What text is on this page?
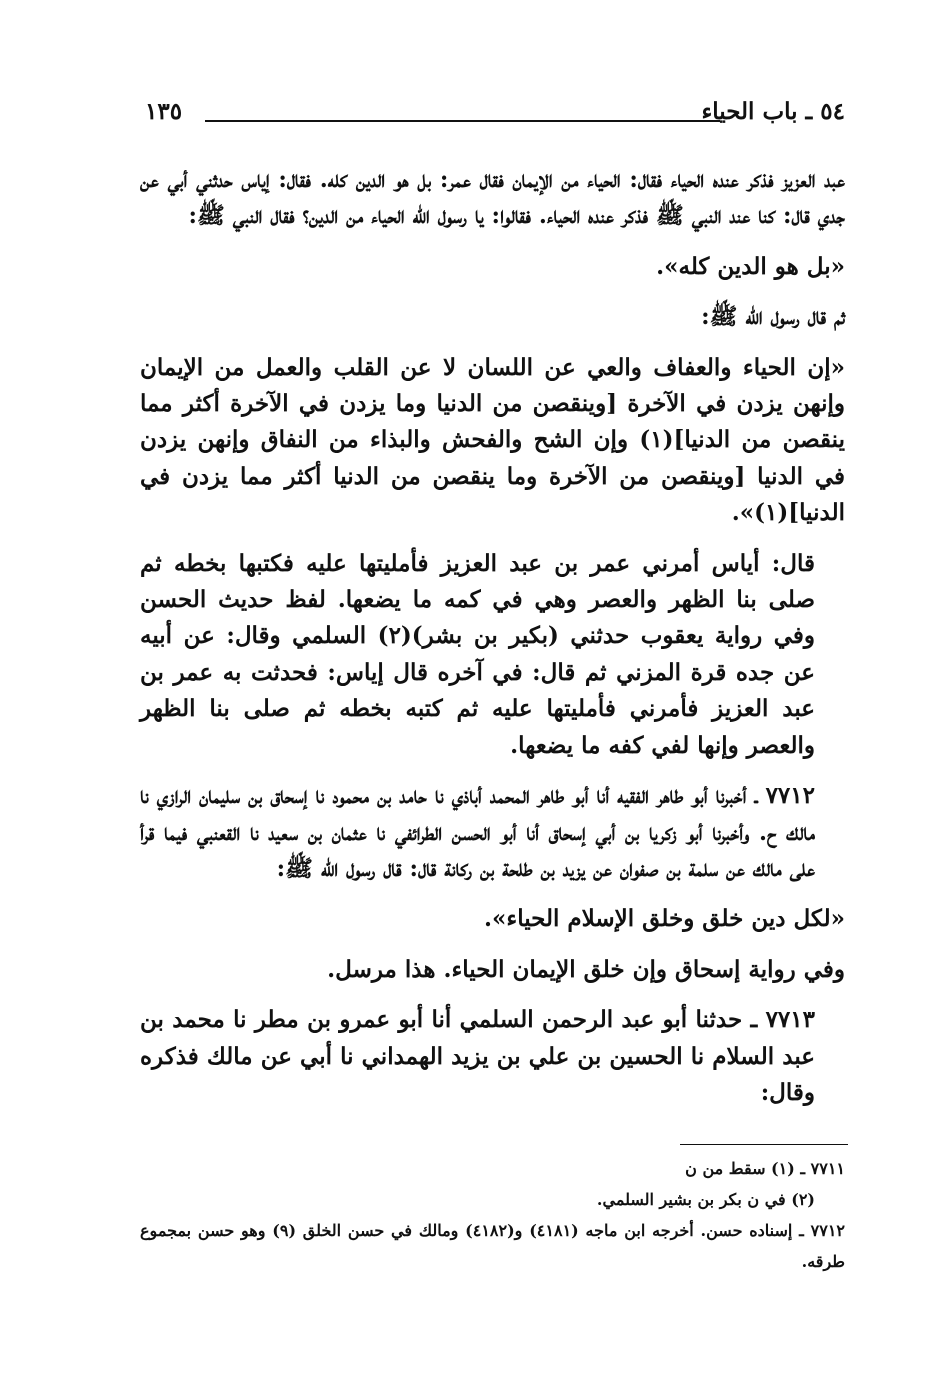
٥٤ ـ باب الحياء
١٣٥

عبد العزيز فذكر عنده الحياء فقال: الحياء من الإيمان فقال عمر: بل هو الدين كله. فقال: إياس حدثني أبي عن جدي قال: كنا عند النبي ﷺ فذكر عنده الحياء. فقالوا: يا رسول الله الحياء من الدين؟ فقال النبي ﷺ:

«بل هو الدين كله».

ثم قال رسول الله ﷺ:

«إن الحياء والعفاف والعي عن اللسان لا عن القلب والعمل من الإيمان وإنهن يزدن في الآخرة [وينقصن من الدنيا وما يزدن في الآخرة أكثر مما ينقصن من الدنيا](١) وإن الشح والفحش والبذاء من النفاق وإنهن يزدن في الدنيا [وينقصن من الآخرة وما ينقصن من الدنيا أكثر مما يزدن في الدنيا](١)».

قال: أياس أمرني عمر بن عبد العزيز فأمليتها عليه فكتبها بخطه ثم صلى بنا الظهر والعصر وهي في كمه ما يضعها. لفظ حديث الحسن وفي رواية يعقوب حدثني (بكير بن بشر)(٢) السلمي وقال: عن أبيه عن جده قرة المزني ثم قال: في آخره قال إياس: فحدثت به عمر بن عبد العزيز فأمرني فأمليتها عليه ثم كتبه بخطه ثم صلى بنا الظهر والعصر وإنها لفي كفه ما يضعها.

٧٧١٢ ـ أخبرنا أبو طاهر الفقيه أنا أبو طاهر المحمد أباذي نا حامد بن محمود نا إسحاق بن سليمان الرازي نا مالك ح. وأخبرنا أبو زكريا بن أبي إسحاق أنا أبو الحسن الطرائفي نا عثمان بن سعيد نا القعنبي فيما قرأ على مالك عن سلمة بن صفوان عن يزيد بن طلحة بن ركانة قال: قال رسول الله ﷺ:

«لكل دين خلق وخلق الإسلام الحياء».

وفي رواية إسحاق وإن خلق الإيمان الحياء. هذا مرسل.

٧٧١٣ ـ حدثنا أبو عبد الرحمن السلمي أنا أبو عمرو بن مطر نا محمد بن عبد السلام نا الحسين بن علي بن يزيد الهمداني نا أبي عن مالك فذكره وقال:

٧٧١١ ـ (١) سقط من ن

(٢) في ن بكر بن بشير السلمي.

٧٧١٢ ـ إسناده حسن. أخرجه ابن ماجه (٤١٨١) و(٤١٨٢) ومالك في حسن الخلق (٩) وهو حسن بمجموع طرقه.
